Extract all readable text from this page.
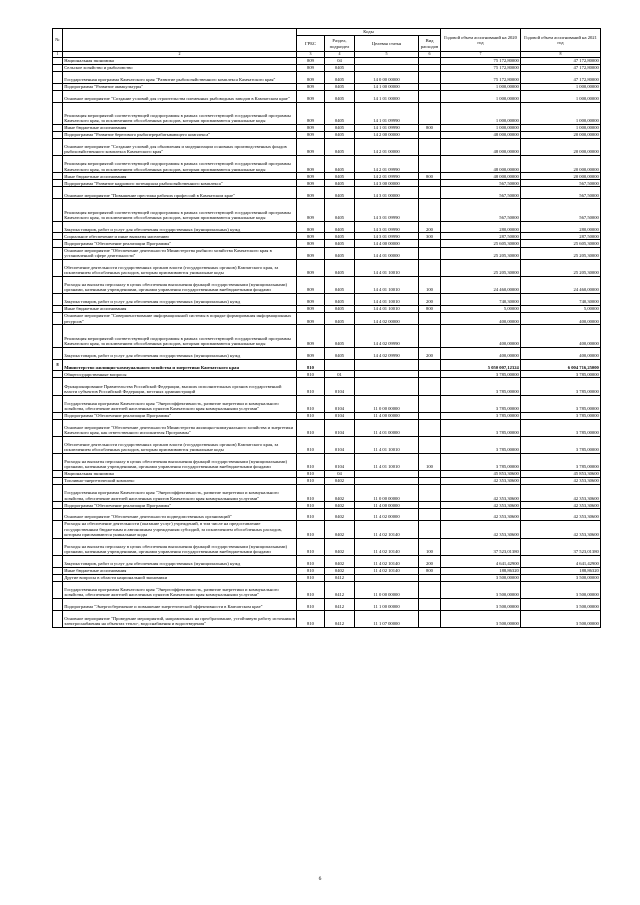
№		Коды				Годовой объем ассигнований на 2020 год	Годовой объем ассигнований на 2021 год
		ГРБС	Раздел, подраздел	Целевая статья	Вид расходов		
1	2	3	4	5	6	7	8
	Национальная экономика	809	04			75 172,80000	47 172,80000
	Сельское хозяйство и рыболовство	809	0405			75 172,80000	47 172,80000
	Государственная программа Камчатского края "Развитие рыбохозяйственного комплекса Камчатского края"	809	0405	14 0 00 00000		75 172,80000	47 172,80000
	Подпрограмма "Развитие аквакультуры"	809	0405	14 1 00 00000		1 000,00000	1 000,00000
	Основное мероприятие "Создание условий для строительства племенных рыбоводных заводов в Камчатском крае"	809	0405	14 1 01 00000		1 000,00000	1 000,00000
	Реализация мероприятий соответствующей подпрограммы в рамках соответствующей государственной программы Камчатского края, за исключением обособленных расходов, которым присваиваются уникальные коды	809	0405	14 1 01 09990		1 000,00000	1 000,00000
	Иные бюджетные ассигнования	809	0405	14 1 01 09990	800	1 000,00000	1 000,00000
	Подпрограмма "Развитие берегового рыбоперерабатывающего комплекса"	809	0405	14 2 00 00000		48 000,00000	20 000,00000
	Основное мероприятие "Создание условий для обновления и модернизации основных производственных фондов рыбохозяйственного комплекса Камчатского края"	809	0405	14 2 01 00000		48 000,00000	20 000,00000
	Реализация мероприятий соответствующей подпрограммы в рамках соответствующей государственной программы Камчатского края, за исключением обособленных расходов, которым присваиваются уникальные коды	809	0405	14 2 01 09990		48 000,00000	20 000,00000
	Иные бюджетные ассигнования	809	0405	14 2 01 09990	800	48 000,00000	20 000,00000
	Подпрограмма "Развитие кадрового потенциала рыбохозяйственного комплекса"	809	0405	14 3 00 00000		567,50000	567,50000
	Основное мероприятие "Повышение престижа рабочих профессий в Камчатском крае"	809	0405	14 3 01 00000		567,50000	567,50000
	Реализация мероприятий соответствующей подпрограммы в рамках соответствующей государственной программы Камчатского края, за исключением обособленных расходов, которым присваиваются уникальные коды	809	0405	14 3 01 09990		567,50000	567,50000
	Закупка товаров, работ и услуг для обеспечения государственных (муниципальных) нужд	809	0405	14 3 01 09990	200	280,00000	280,00000
	Социальное обеспечение и иные выплаты населению	809	0405	14 3 01 09990	300	287,50000	287,50000
	Подпрограмма "Обеспечение реализации Программы"	809	0405	14 4 00 00000		25 605,30000	25 605,30000
	Основное мероприятие "Обеспечение деятельности Министерства рыбного хозяйства Камчатского края в установленной сфере деятельности"	809	0405	14 4 01 00000		25 205,30000	25 205,30000
	Обеспечение деятельности государственных органов власти (государственных органов) Камчатского края, за исключением обособленных расходов, которым присваиваются уникальные коды	809	0405	14 4 01 10010		25 205,30000	25 205,30000
	Расходы на выплаты персоналу в целях обеспечения выполнения функций государственными (муниципальными) органами, казенными учреждениями, органами управления государственными внебюджетными фондами	809	0405	14 4 01 10010	100	24 460,00000	24 460,00000
	Закупка товаров, работ и услуг для обеспечения государственных (муниципальных) нужд	809	0405	14 4 01 10010	200	740,30000	740,30000
	Иные бюджетные ассигнования	809	0405	14 4 01 10010	800	5,00000	5,00000
	Основное мероприятие "Совершенствование информационной системы в порядке формирования информационных ресурсов"	809	0405	14 4 02 00000		400,00000	400,00000
	Реализация мероприятий соответствующей подпрограммы в рамках соответствующей государственной программы Камчатского края, за исключением обособленных расходов, которым присваиваются уникальные коды	809	0405	14 4 02 09990		400,00000	400,00000
	Закупка товаров, работ и услуг для обеспечения государственных (муниципальных) нужд	809	0405	14 4 02 09990	200	400,00000	400,00000
8	Министерство жилищно-коммунального хозяйства и энергетики Камчатского края	810				5 050 007,12324	6 004 716,25000
	Общегосударственные вопросы	810	01			3 785,00000	3 785,00000
	Функционирование Правительства Российской Федерации, высших исполнительных органов государственной власти субъектов Российской Федерации, местных администраций	810	0104			3 785,00000	3 785,00000
	Государственная программа Камчатского края "Энергоэффективность, развитие энергетики и коммунального хозяйства, обеспечение жителей населенных пунктов Камчатского края коммунальными услугами"	810	0104	11 0 00 00000		3 785,00000	3 785,00000
	Подпрограмма "Обеспечение реализации Программы"	810	0104	11 4 00 00000		3 785,00000	3 785,00000
	Основное мероприятие "Обеспечение деятельности Министерства жилищно-коммунального хозяйства и энергетики Камчатского края, как ответственного исполнителя Программы"	810	0104	11 4 01 00000		3 785,00000	3 785,00000
	Обеспечение деятельности государственных органов власти (государственных органов) Камчатского края, за исключением обособленных расходов, которым присваиваются уникальные коды	810	0104	11 4 01 10010		3 785,00000	3 785,00000
	Расходы на выплаты персоналу в целях обеспечения выполнения функций государственными (муниципальными) органами, казенными учреждениями, органами управления государственными внебюджетными фондами	810	0104	11 4 01 10010	100	3 785,00000	3 785,00000
	Национальная экономика	810	04			45 853,30600	45 853,30600
	Топливно-энергетический комплекс	810	0402			42 353,30600	42 353,30600
	Государственная программа Камчатского края "Энергоэффективность, развитие энергетики и коммунального хозяйства, обеспечение жителей населенных пунктов Камчатского края коммунальными услугами"	810	0402	11 0 00 00000		42 353,30600	42 353,30600
	Подпрограмма "Обеспечение реализации Программы"	810	0402	11 4 00 00000		42 353,30600	42 353,30600
	Основное мероприятие "Обеспечение деятельности подведомственных организаций"	810	0402	11 4 02 00000		42 353,30600	42 353,30600
	Расходы на обеспечение деятельности (оказание услуг) учреждений, в том числе на предоставление государственным бюджетным и автономным учреждениям субсидий, за исключением обособленных расходов, которым присваиваются уникальные коды	810	0402	11 4 02 10140		42 353,30600	42 353,30600
	Расходы на выплаты персоналу в целях обеспечения выполнения функций государственными (муниципальными) органами, казенными учреждениями, органами управления государственными внебюджетными фондами	810	0402	11 4 02 10140	100	37 523,01380	37 523,01380
	Закупка товаров, работ и услуг для обеспечения государственных (муниципальных) нужд	810	0402	11 4 02 10140	200	4 641,42900	4 641,42900
	Иные бюджетные ассигнования	810	0402	11 4 02 10140	800	188,86320	188,86320
	Другие вопросы в области национальной экономики	810	0412			3 500,00000	3 500,00000
	Государственная программа Камчатского края "Энергоэффективность, развитие энергетики и коммунального хозяйства, обеспечение жителей населенных пунктов Камчатского края коммунальными услугами"	810	0412	11 0 00 00000		3 500,00000	3 500,00000
	Подпрограмма "Энергосбережение и повышение энергетической эффективности в Камчатском крае"	810	0412	11 1 00 00000		3 500,00000	3 500,00000
	Основное мероприятие "Проведение мероприятий, направленных на преобразование, устойчивую работу источников электроснабжения на объектах тепло-, водоснабжения и водоотведения"	810	0412	11 1 07 00000		3 500,00000	3 500,00000
6
